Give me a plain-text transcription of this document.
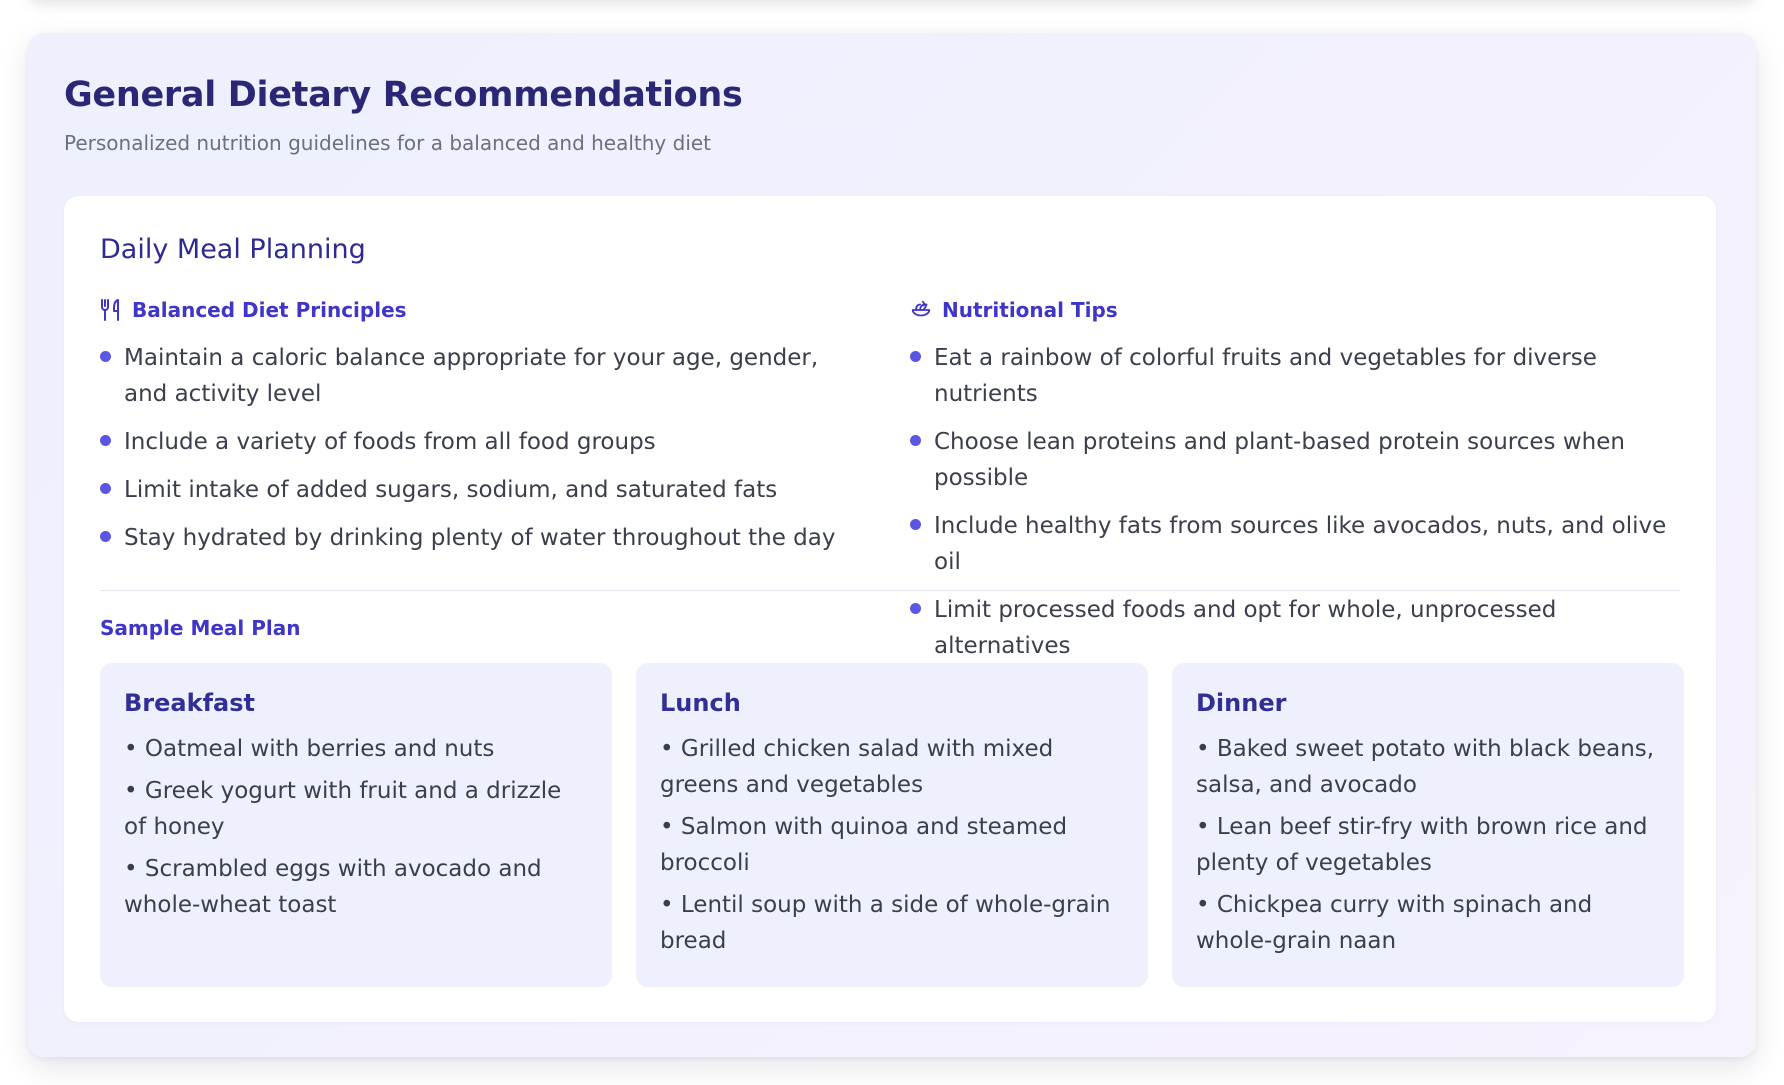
General Dietary Recommendations

Personalized nutrition guidelines for a balanced and healthy diet

Daily Meal Planning
Balanced Diet Principles
Maintain a caloric balance appropriate for your age, gender, and activity level
Include a variety of foods from all food groups
Limit intake of added sugars, sodium, and saturated fats
Stay hydrated by drinking plenty of water throughout the day
Nutritional Tips
Eat a rainbow of colorful fruits and vegetables for diverse nutrients
Choose lean proteins and plant-based protein sources when possible
Include healthy fats from sources like avocados, nuts, and olive oil
Limit processed foods and opt for whole, unprocessed alternatives
Sample Meal Plan
Breakfast
• Oatmeal with berries and nuts
• Greek yogurt with fruit and a drizzle of honey
• Scrambled eggs with avocado and whole-wheat toast
Lunch
• Grilled chicken salad with mixed greens and vegetables
• Salmon with quinoa and steamed broccoli
• Lentil soup with a side of whole-grain bread
Dinner
• Baked sweet potato with black beans, salsa, and avocado
• Lean beef stir-fry with brown rice and plenty of vegetables
• Chickpea curry with spinach and whole-grain naan
